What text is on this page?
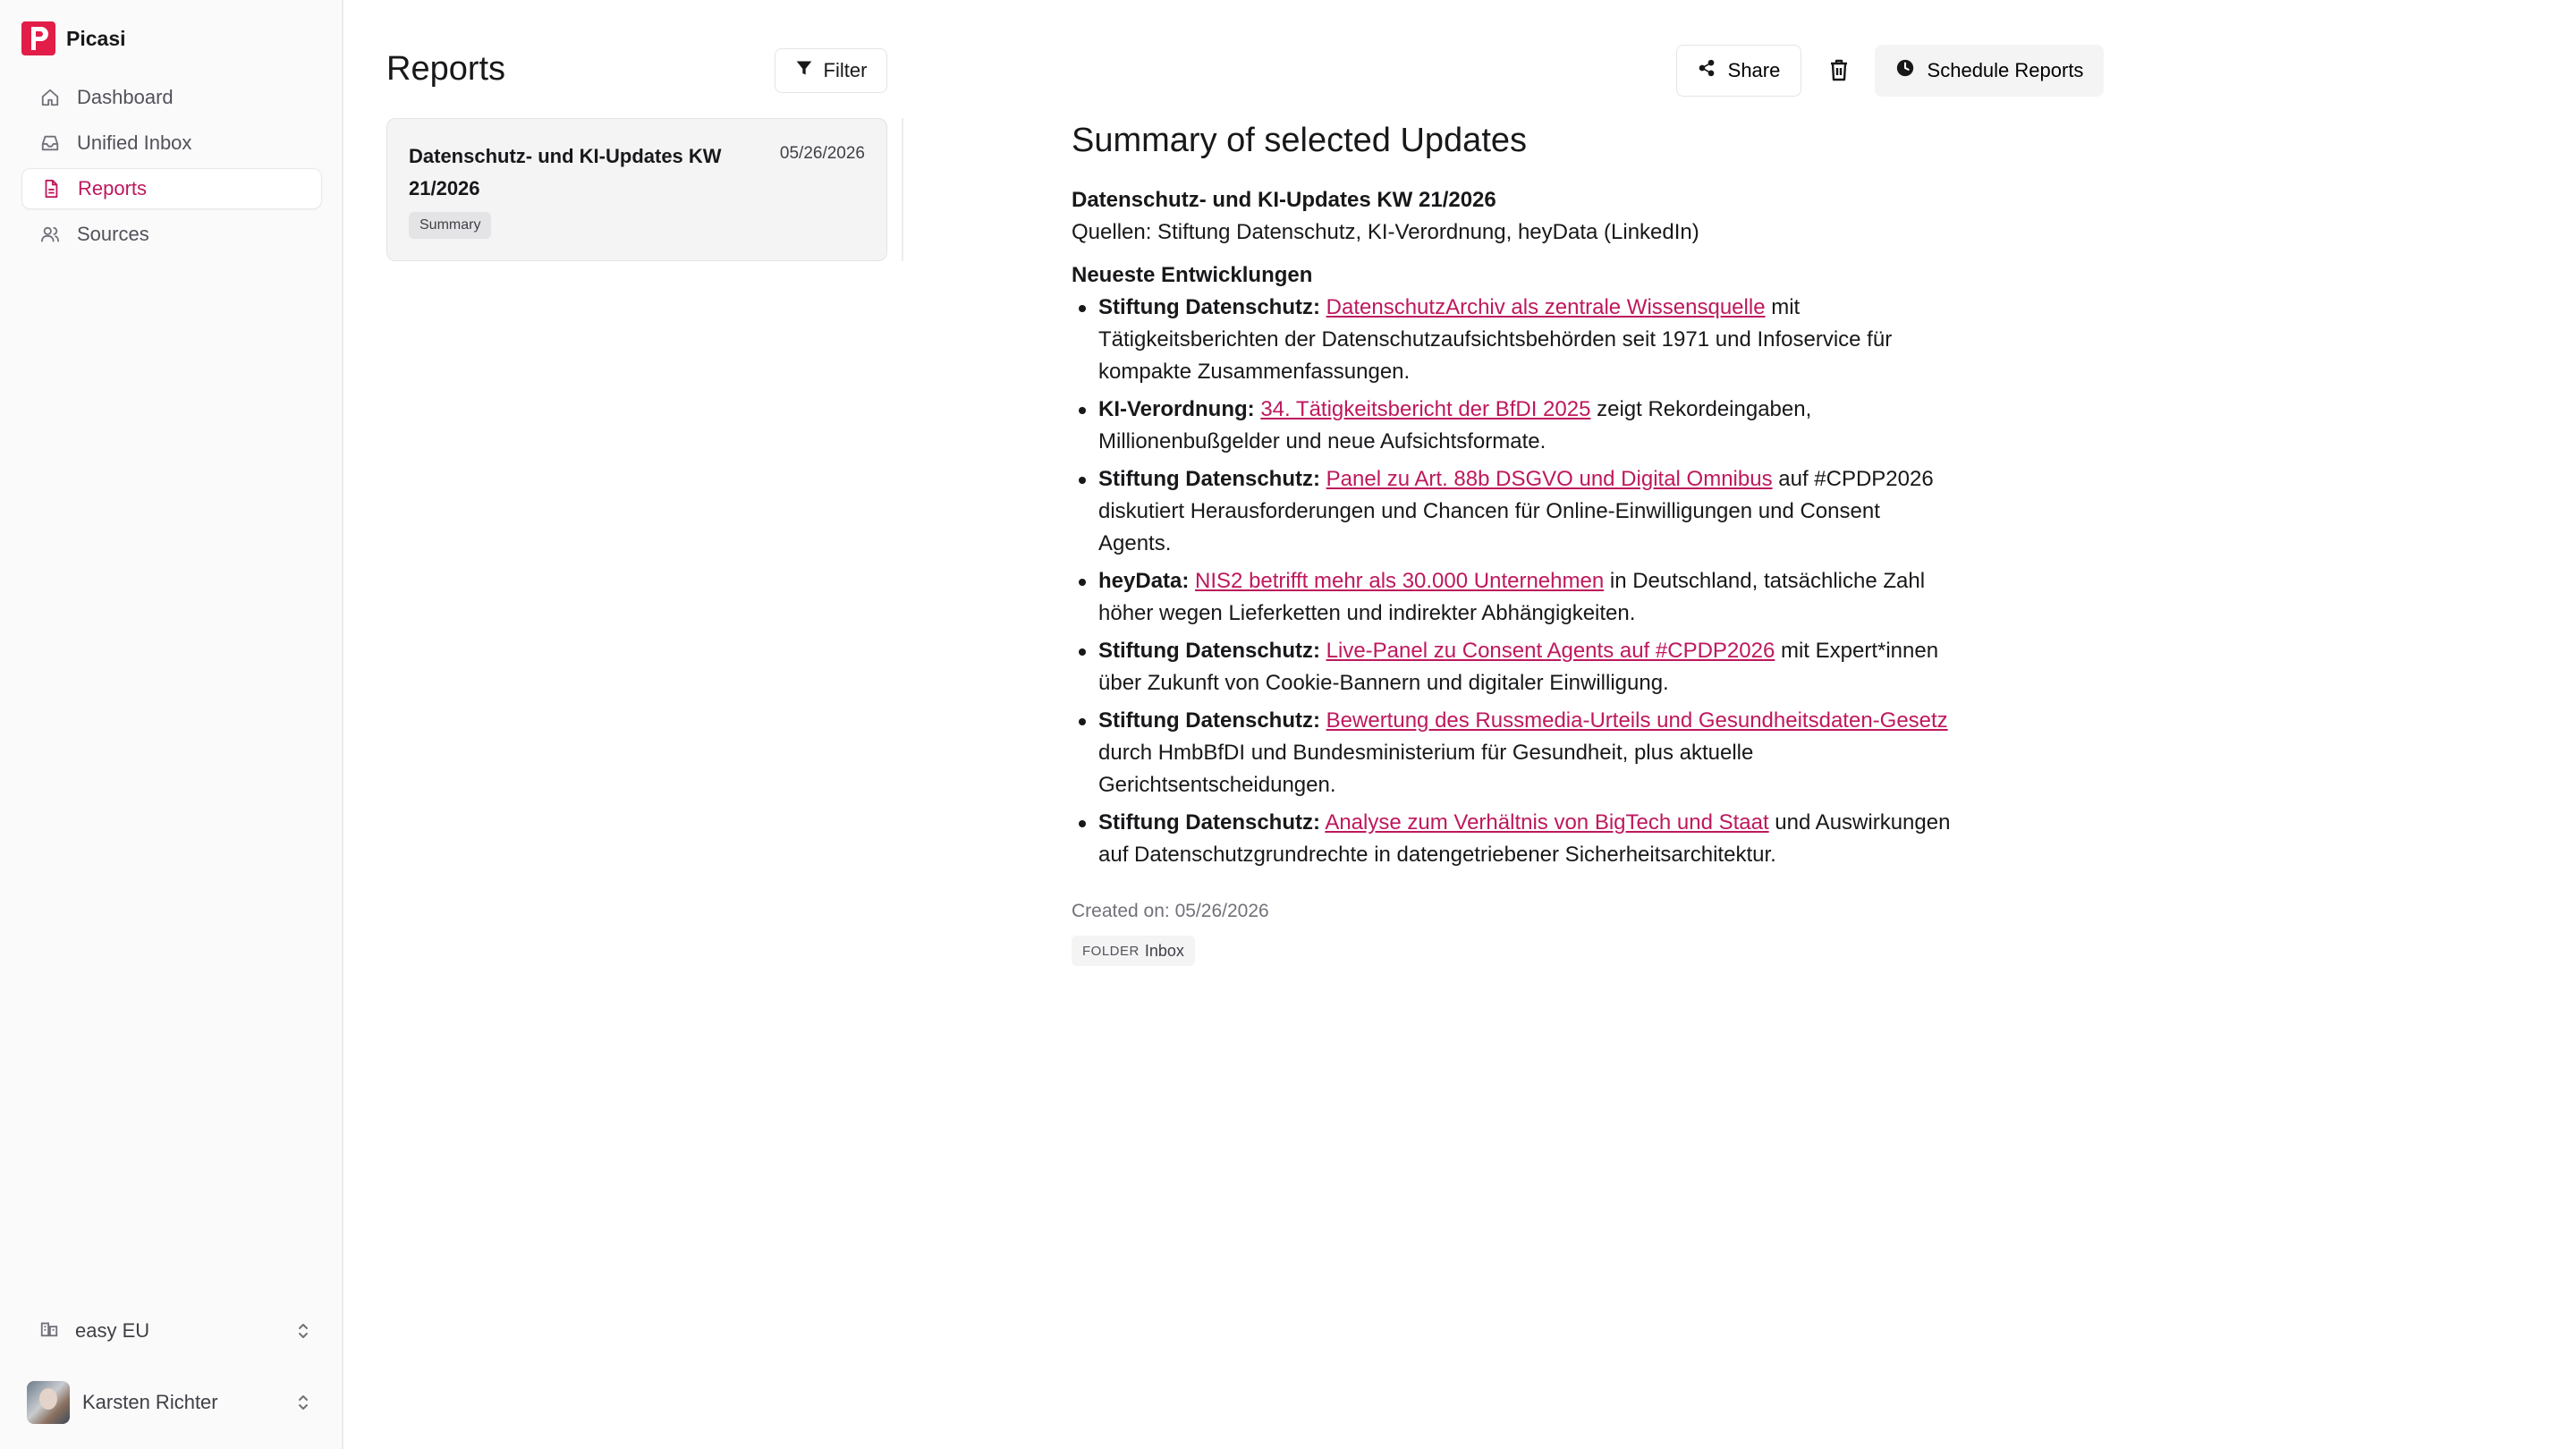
Picasi
Dashboard
Unified Inbox
Reports
Sources
easy EU
Karsten Richter
Reports	Filter
Datenschutz- und KI-Updates KW 21/2026
05/26/2026
Summary
Share	Schedule Reports
Summary of selected Updates
Datenschutz- und KI-Updates KW 21/2026
Quellen: Stiftung Datenschutz, KI-Verordnung, heyData (LinkedIn)
Neueste Entwicklungen
Stiftung Datenschutz: DatenschutzArchiv als zentrale Wissensquelle mit Tätigkeitsberichten der Datenschutzaufsichtsbehörden seit 1971 und Infoservice für kompakte Zusammenfassungen.
KI-Verordnung: 34. Tätigkeitsbericht der BfDI 2025 zeigt Rekordeingaben, Millionenbußgelder und neue Aufsichtsformate.
Stiftung Datenschutz: Panel zu Art. 88b DSGVO und Digital Omnibus auf #CPDP2026 diskutiert Herausforderungen und Chancen für Online-Einwilligungen und Consent Agents.
heyData: NIS2 betrifft mehr als 30.000 Unternehmen in Deutschland, tatsächliche Zahl höher wegen Lieferketten und indirekter Abhängigkeiten.
Stiftung Datenschutz: Live-Panel zu Consent Agents auf #CPDP2026 mit Expert*innen über Zukunft von Cookie-Bannern und digitaler Einwilligung.
Stiftung Datenschutz: Bewertung des Russmedia-Urteils und Gesundheitsdaten-Gesetz durch HmbBfDI und Bundesministerium für Gesundheit, plus aktuelle Gerichtsentscheidungen.
Stiftung Datenschutz: Analyse zum Verhältnis von BigTech und Staat und Auswirkungen auf Datenschutzgrundrechte in datengetriebener Sicherheitsarchitektur.
Created on: 05/26/2026
FOLDER Inbox
